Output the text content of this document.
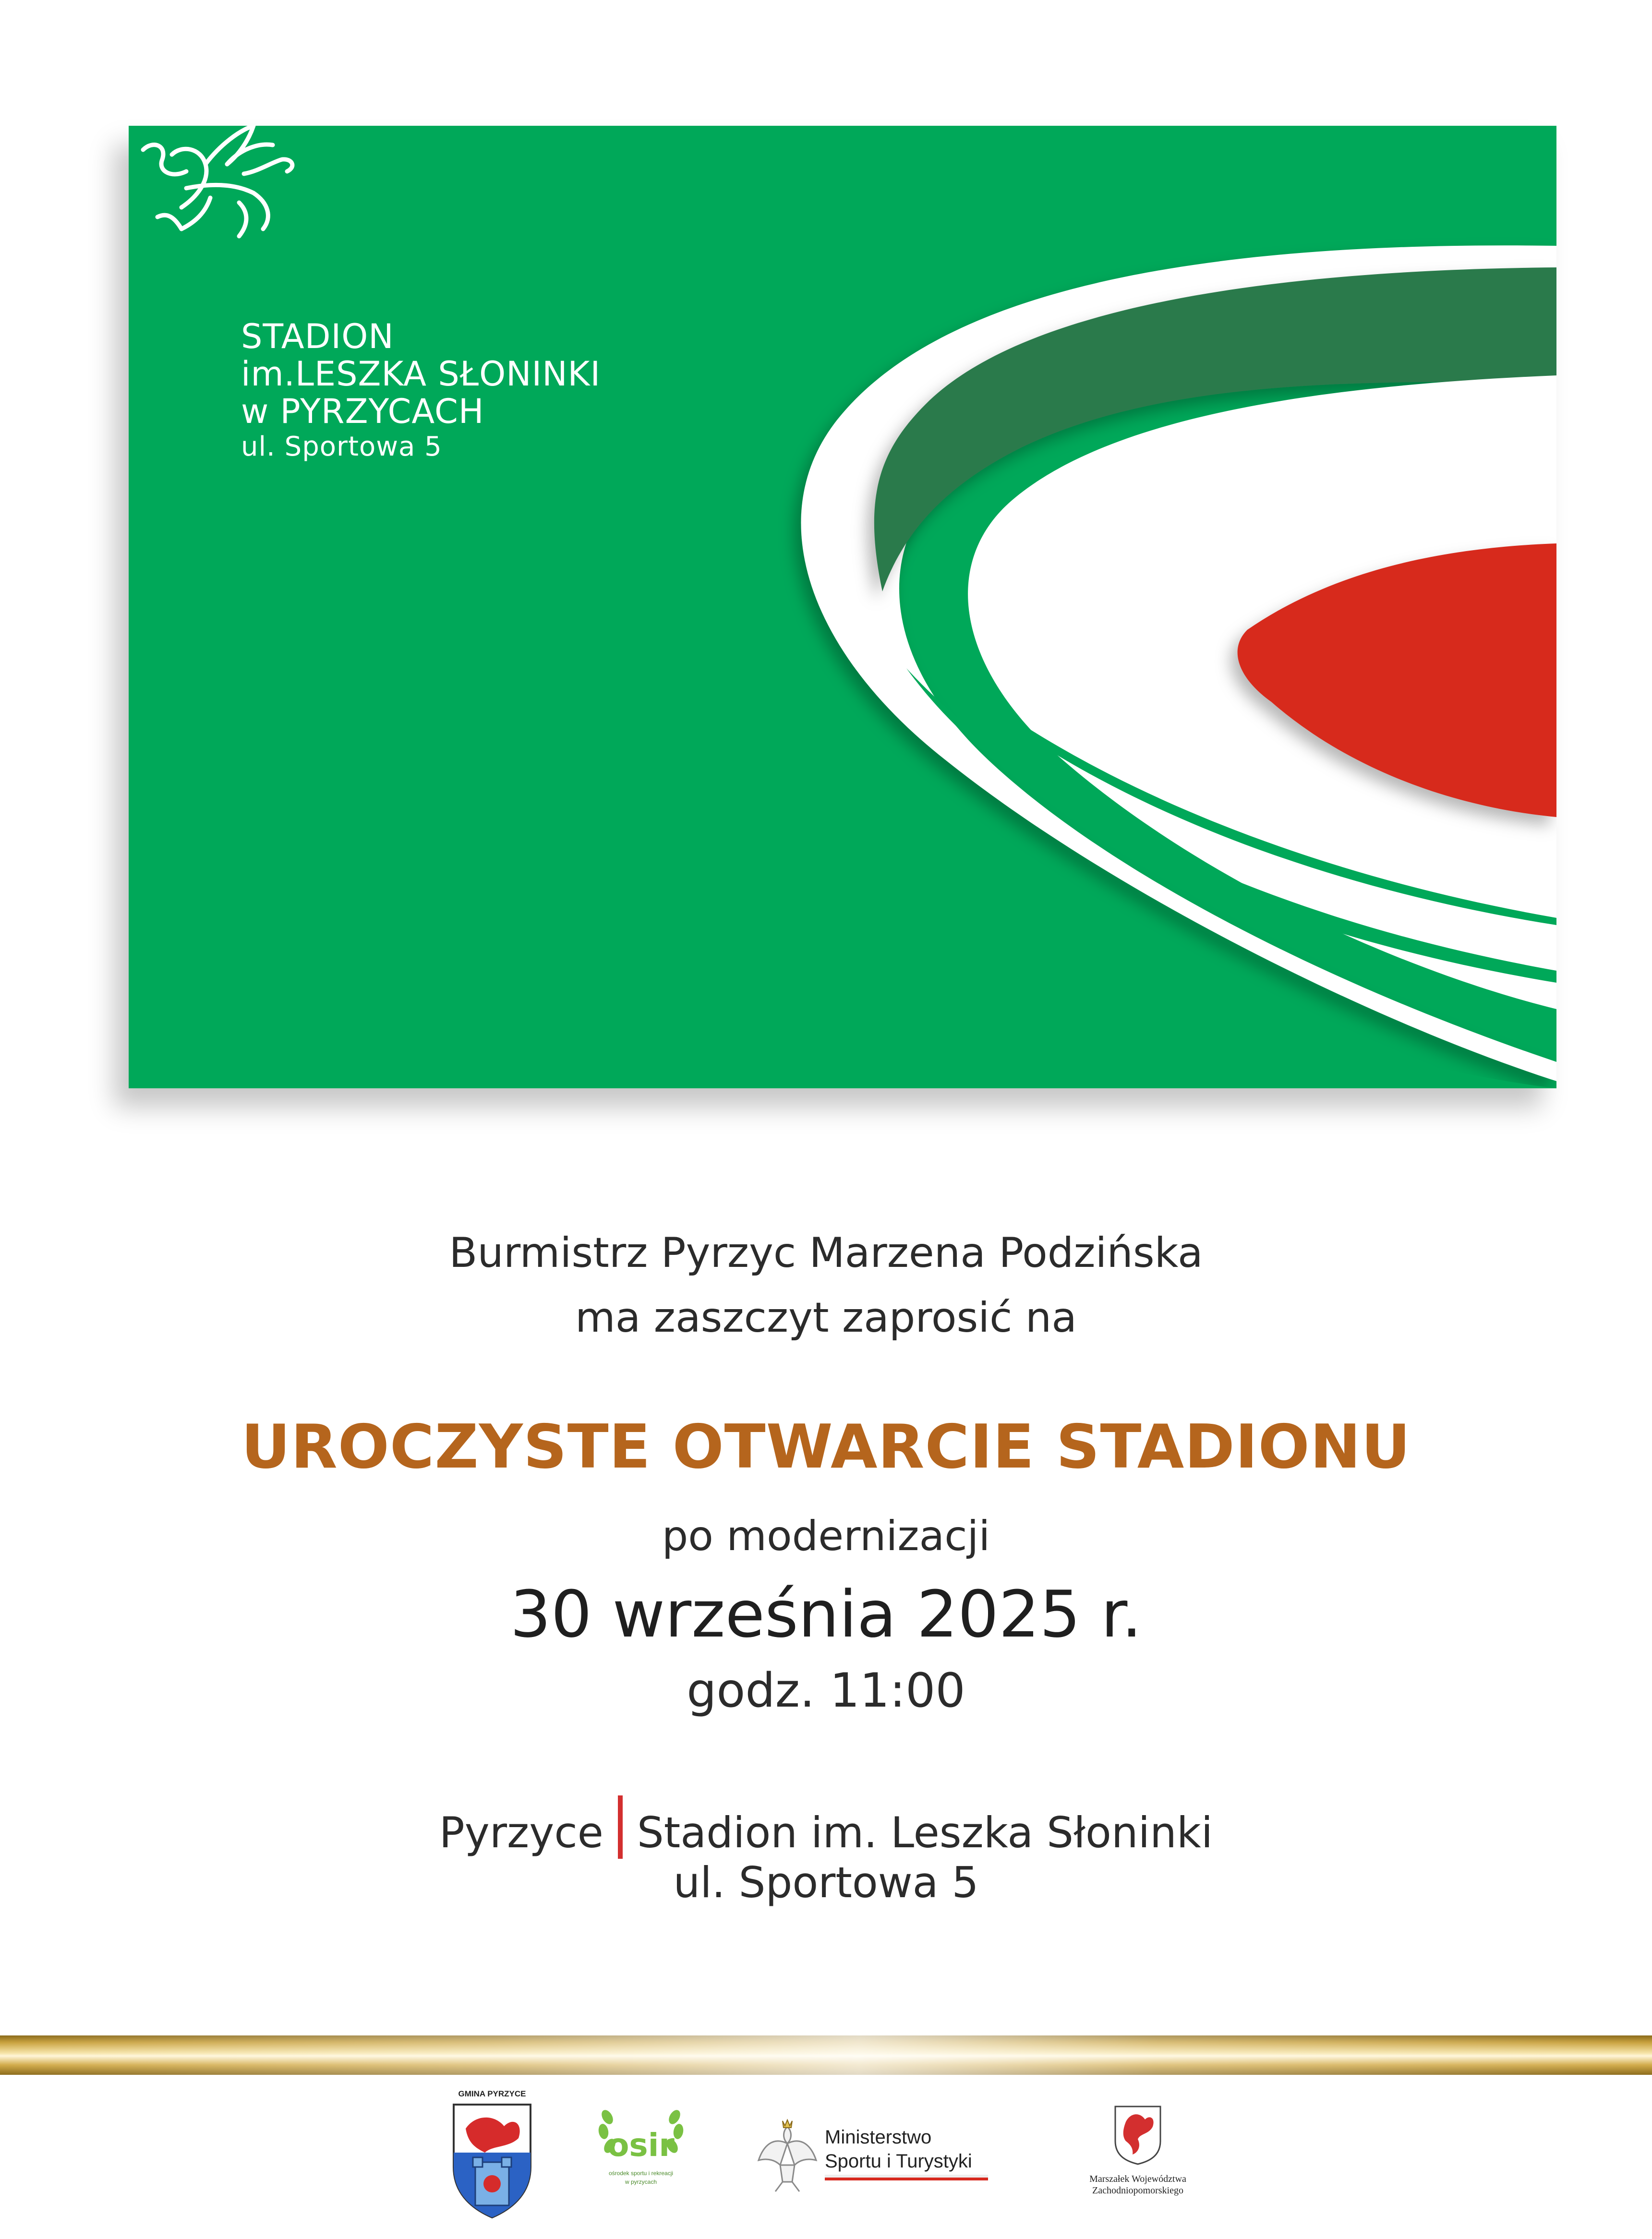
STADION
im.LESZKA SŁONINKI
w PYRZYCACH
ul. Sportowa 5
Burmistrz Pyrzyc Marzena Podzińska
ma zaszczyt zaprosić na
UROCZYSTE OTWARCIE STADIONU
po modernizacji
30 września 2025 r.
godz. 11:00
Pyrzyce Stadion im. Leszka Słoninki
ul. Sportowa 5
GMINA PYRZYCE
osir
ośrodek sportu i rekreacji
w pyrzycach
Ministerstwo
Sportu i Turystyki
Marszałek Województwa
Zachodniopomorskiego
